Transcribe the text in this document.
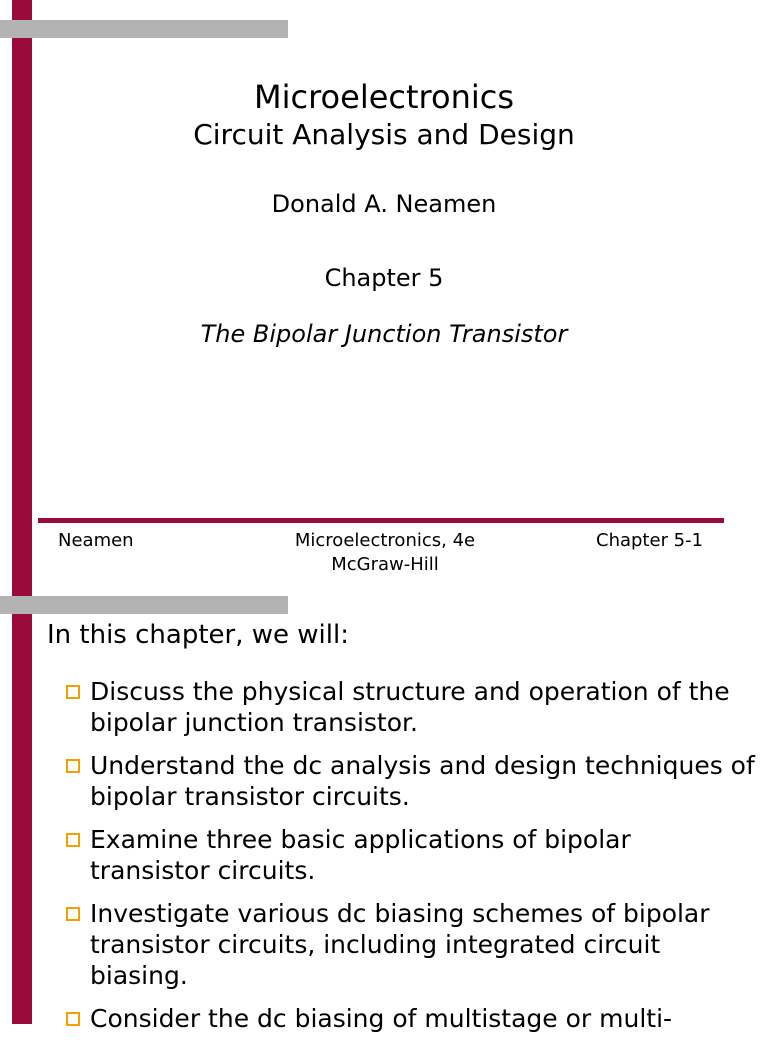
Microelectronics
Circuit Analysis and Design
Donald A. Neamen
Chapter 5
The Bipolar Junction Transistor
Neamen	Microelectronics, 4e
McGraw-Hill
Chapter 5-1
In this chapter, we will:
Discuss the physical structure and operation of the bipolar junction transistor.
Understand the dc analysis and design techniques of bipolar transistor circuits.
Examine three basic applications of bipolar transistor circuits.
Investigate various dc biasing schemes of bipolar transistor circuits, including integrated circuit biasing.
Consider the dc biasing of multistage or multi-
